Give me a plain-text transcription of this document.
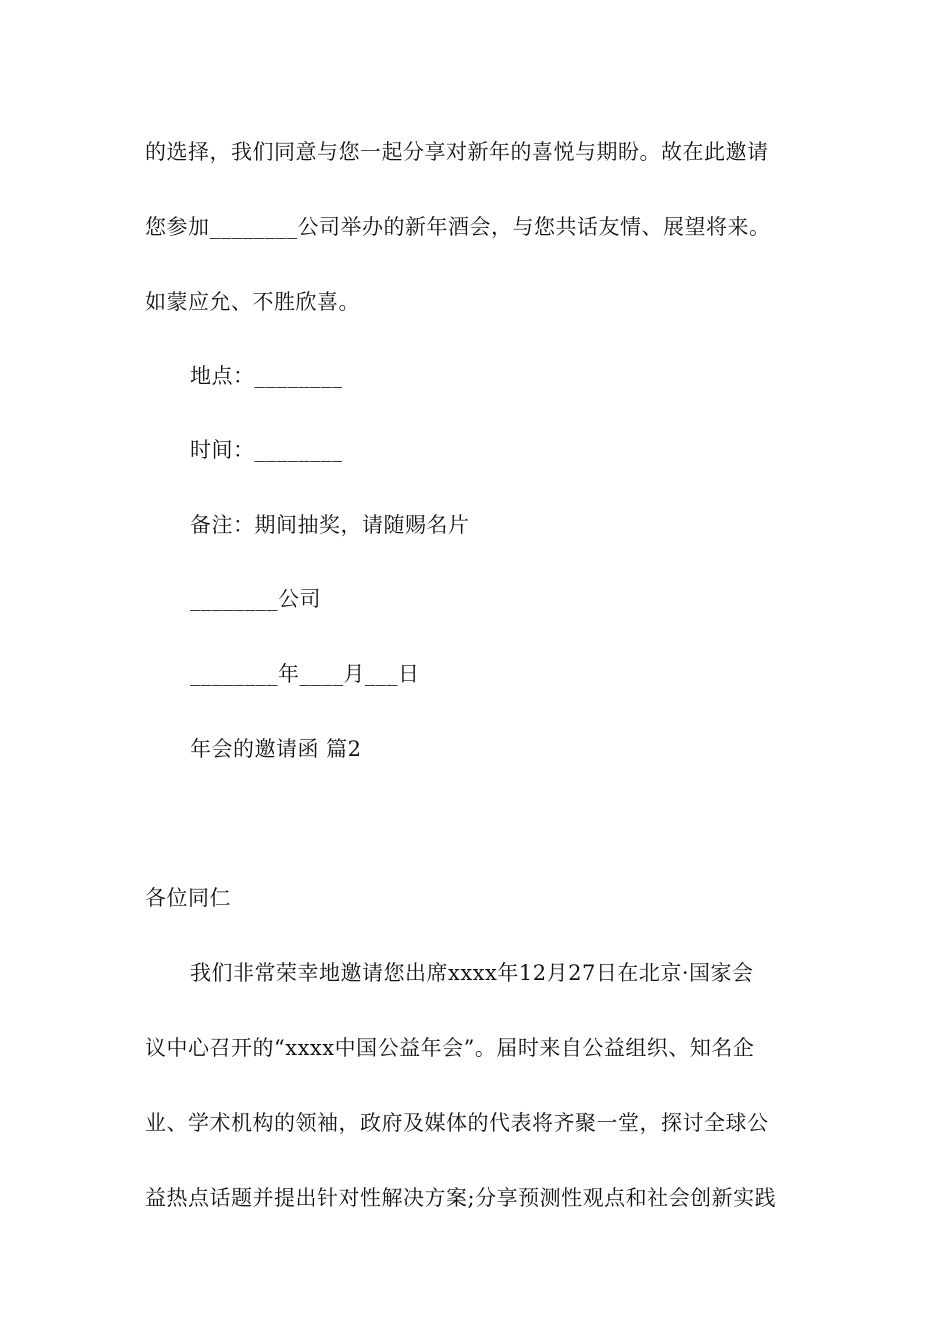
的选择，我们同意与您一起分享对新年的喜悦与期盼。故在此邀请
您参加________公司举办的新年酒会，与您共话友情、展望将来。
如蒙应允、不胜欣喜。
地点：________
时间：________
备注：期间抽奖，请随赐名片
________公司
________年____月___日
年会的邀请函 篇2
各位同仁
我们非常荣幸地邀请您出席xxxx年12月27日在北京·国家会
议中心召开的“xxxx中国公益年会”。届时来自公益组织、知名企
业、学术机构的领袖，政府及媒体的代表将齐聚一堂，探讨全球公
益热点话题并提出针对性解决方案;分享预测性观点和社会创新实践
